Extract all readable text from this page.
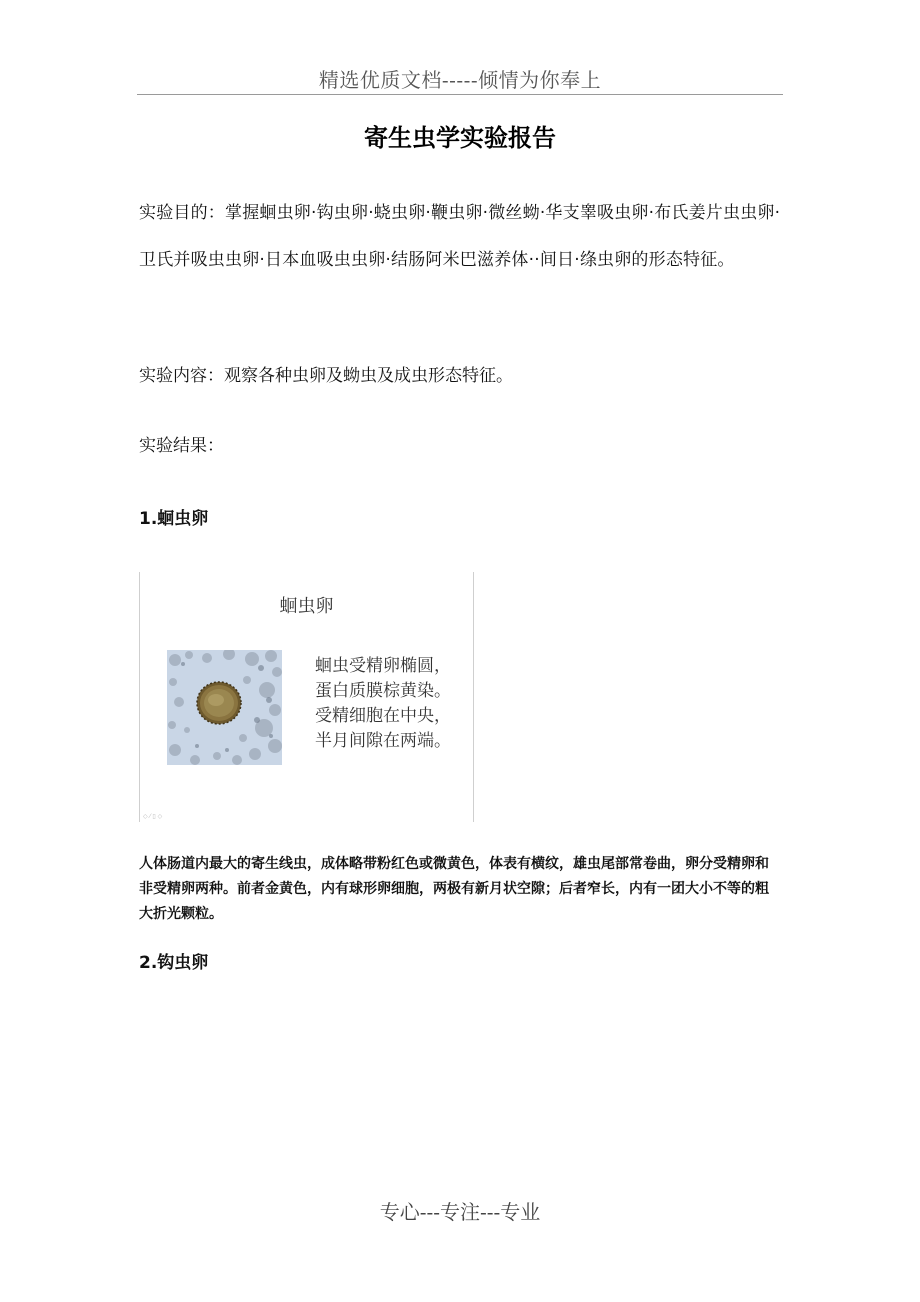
精选优质文档-----倾情为你奉上
寄生虫学实验报告

实验目的：掌握蛔虫卵·钩虫卵·蛲虫卵·鞭虫卵·微丝蚴·华支睾吸虫卵·布氏姜片虫虫卵·卫氏并吸虫虫卵·日本血吸虫虫卵·结肠阿米巴滋养体··间日·绦虫卵的形态特征。

实验内容：观察各种虫卵及蚴虫及成虫形态特征。

实验结果：

1.蛔虫卵
蛔虫卵
蛔虫受精卵椭圆，
蛋白质膜棕黄染。
受精细胞在中央，
半月间隙在两端。
◇ ⁄ ▯ ◇

人体肠道内最大的寄生线虫，成体略带粉红色或微黄色，体表有横纹，雄虫尾部常卷曲，卵分受精卵和非受精卵两种。前者金黄色，内有球形卵细胞，两极有新月状空隙；后者窄长，内有一团大小不等的粗大折光颗粒。

2.钩虫卵
专心---专注---专业
